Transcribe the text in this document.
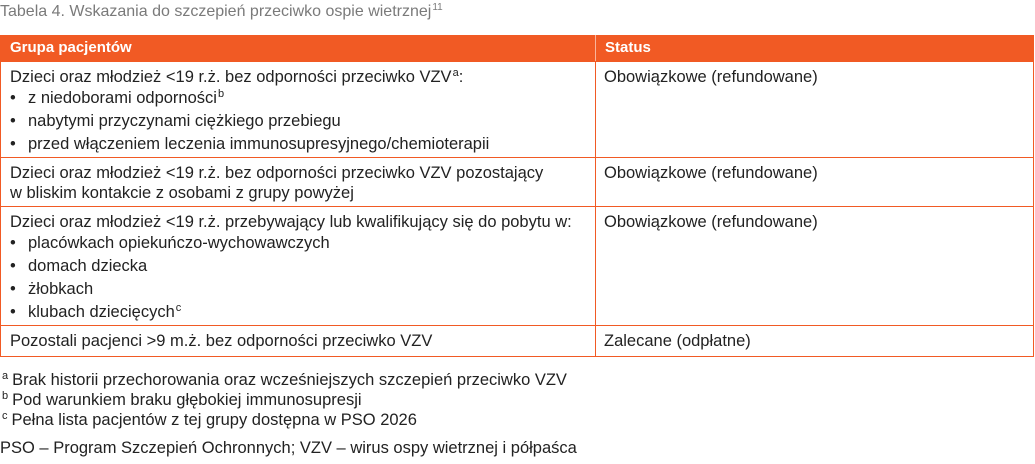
Tabela 4. Wskazania do szczepień przeciwko ospie wietrznej$^{11}$
Grupa pacjentów	Status
Dzieci oraz młodzież <19 r.ż. bez odporności przeciwko VZV$^a$:
•
z niedoborami odporności$^b$
•
nabytymi przyczynami ciężkiego przebiegu
•
przed włączeniem leczenia immunosupresyjnego/chemioterapii
Obowiązkowe (refundowane)
Dzieci oraz młodzież <19 r.ż. bez odporności przeciwko VZV pozostający
w bliskim kontakcie z osobami z grupy powyżej
Obowiązkowe (refundowane)
Dzieci oraz młodzież <19 r.ż. przebywający lub kwalifikujący się do pobytu w:
•
placówkach opiekuńczo-wychowawczych
•
domach dziecka
•
żłobkach
•
klubach dziecięcych$^c$
Obowiązkowe (refundowane)
Pozostali pacjenci >9 m.ż. bez odporności przeciwko VZV	Zalecane (odpłatne)
$^a$ Brak historii przechorowania oraz wcześniejszych szczepień przeciwko VZV
$^b$ Pod warunkiem braku głębokiej immunosupresji
$^c$ Pełna lista pacjentów z tej grupy dostępna w PSO 2026
PSO – Program Szczepień Ochronnych; VZV – wirus ospy wietrznej i półpaśca
